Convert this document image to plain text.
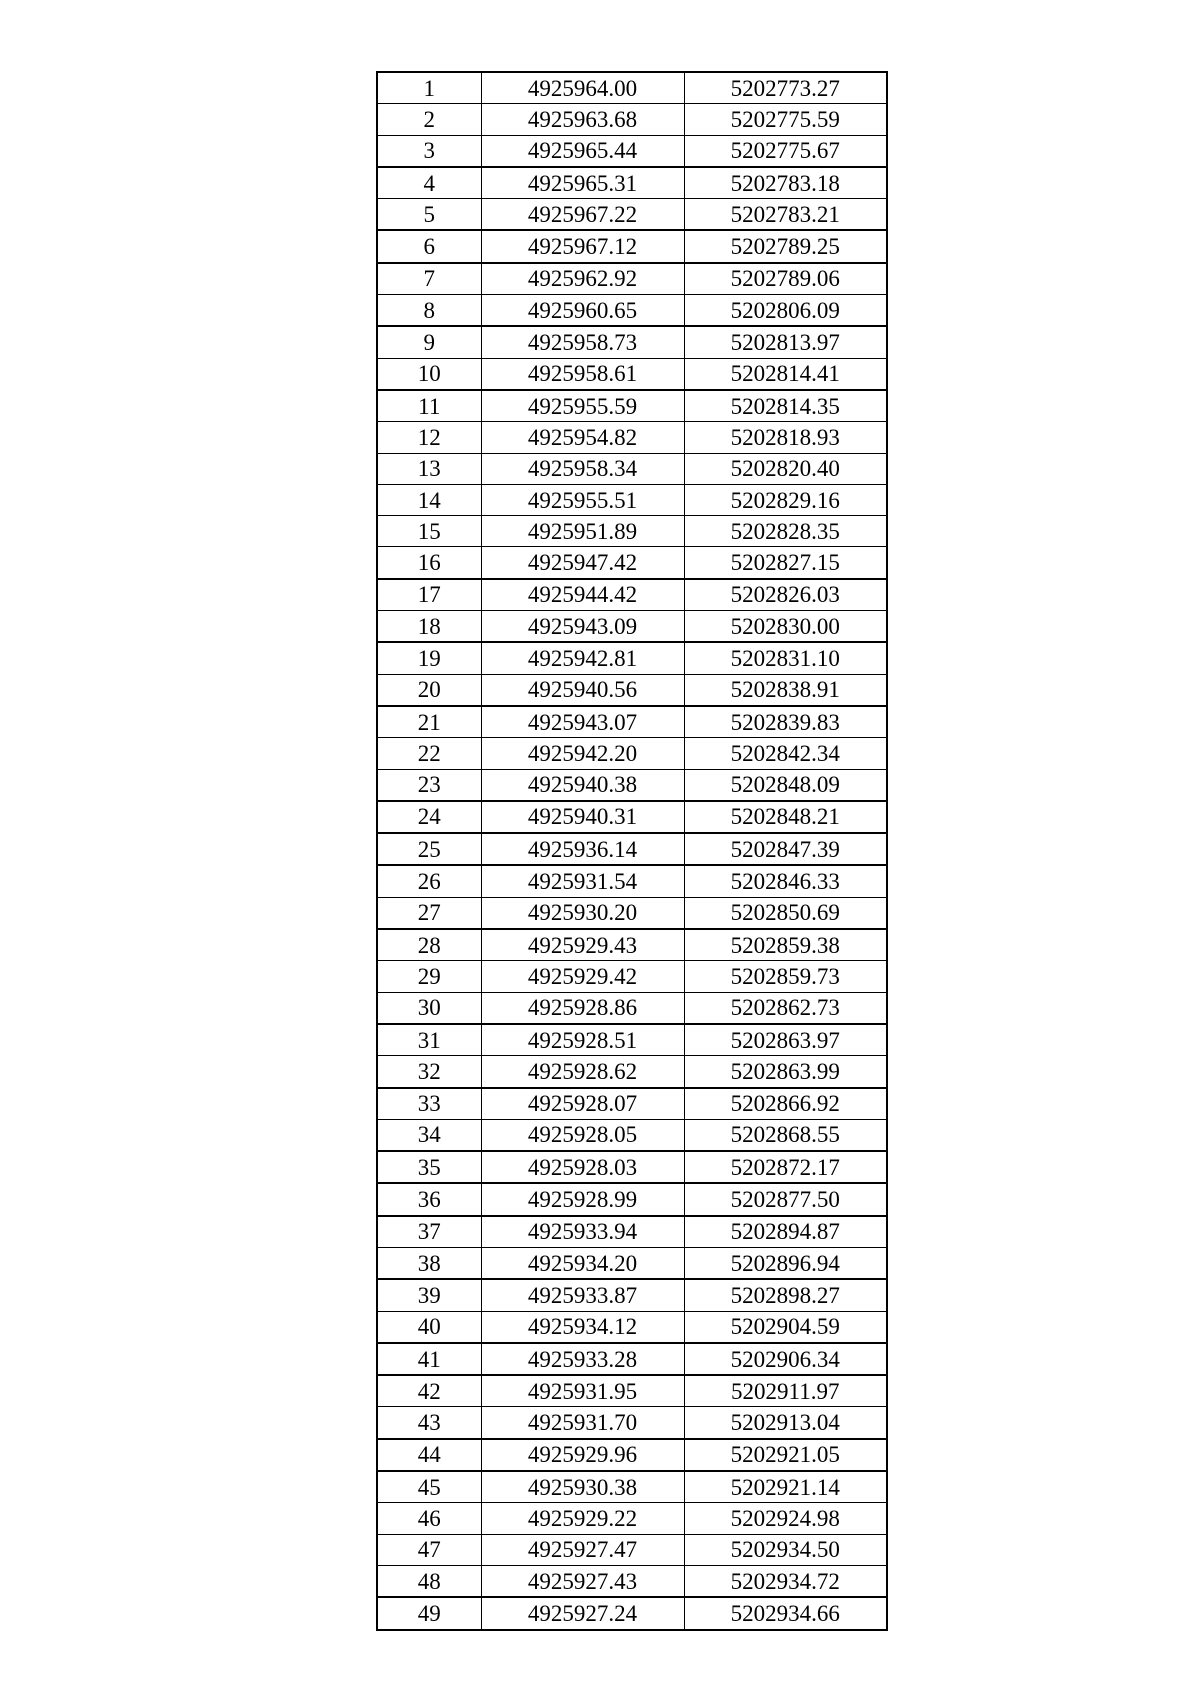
1	4925964.00	5202773.27
2	4925963.68	5202775.59
3	4925965.44	5202775.67
4	4925965.31	5202783.18
5	4925967.22	5202783.21
6	4925967.12	5202789.25
7	4925962.92	5202789.06
8	4925960.65	5202806.09
9	4925958.73	5202813.97
10	4925958.61	5202814.41
11	4925955.59	5202814.35
12	4925954.82	5202818.93
13	4925958.34	5202820.40
14	4925955.51	5202829.16
15	4925951.89	5202828.35
16	4925947.42	5202827.15
17	4925944.42	5202826.03
18	4925943.09	5202830.00
19	4925942.81	5202831.10
20	4925940.56	5202838.91
21	4925943.07	5202839.83
22	4925942.20	5202842.34
23	4925940.38	5202848.09
24	4925940.31	5202848.21
25	4925936.14	5202847.39
26	4925931.54	5202846.33
27	4925930.20	5202850.69
28	4925929.43	5202859.38
29	4925929.42	5202859.73
30	4925928.86	5202862.73
31	4925928.51	5202863.97
32	4925928.62	5202863.99
33	4925928.07	5202866.92
34	4925928.05	5202868.55
35	4925928.03	5202872.17
36	4925928.99	5202877.50
37	4925933.94	5202894.87
38	4925934.20	5202896.94
39	4925933.87	5202898.27
40	4925934.12	5202904.59
41	4925933.28	5202906.34
42	4925931.95	5202911.97
43	4925931.70	5202913.04
44	4925929.96	5202921.05
45	4925930.38	5202921.14
46	4925929.22	5202924.98
47	4925927.47	5202934.50
48	4925927.43	5202934.72
49	4925927.24	5202934.66
